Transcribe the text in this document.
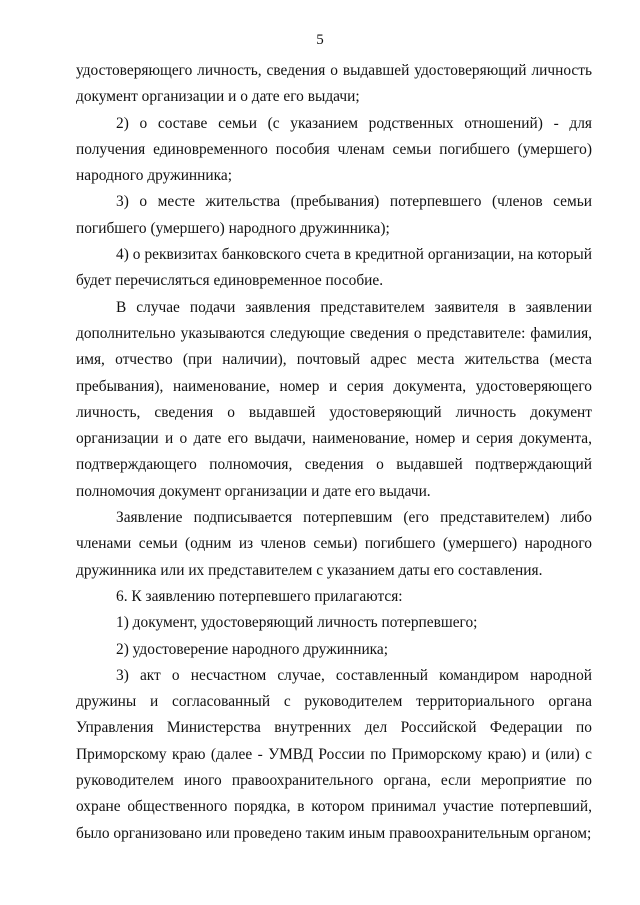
5

удостоверяющего личность, сведения о выдавшей удостоверяющий личность документ организации и о дате его выдачи;

2) о составе семьи (с указанием родственных отношений) - для получения единовременного пособия членам семьи погибшего (умершего) народного дружинника;

3) о месте жительства (пребывания) потерпевшего (членов семьи погибшего (умершего) народного дружинника);

4) о реквизитах банковского счета в кредитной организации, на который будет перечисляться единовременное пособие.

В случае подачи заявления представителем заявителя в заявлении дополнительно указываются следующие сведения о представителе: фамилия, имя, отчество (при наличии), почтовый адрес места жительства (места пребывания), наименование, номер и серия документа, удостоверяющего личность, сведения о выдавшей удостоверяющий личность документ организации и о дате его выдачи, наименование, номер и серия документа, подтверждающего полномочия, сведения о выдавшей подтверждающий полномочия документ организации и дате его выдачи.

Заявление подписывается потерпевшим (его представителем) либо членами семьи (одним из членов семьи) погибшего (умершего) народного дружинника или их представителем с указанием даты его составления.

6. К заявлению потерпевшего прилагаются:

1) документ, удостоверяющий личность потерпевшего;

2) удостоверение народного дружинника;

3) акт о несчастном случае, составленный командиром народной дружины и согласованный с руководителем территориального органа Управления Министерства внутренних дел Российской Федерации по Приморскому краю (далее - УМВД России по Приморскому краю) и (или) с руководителем иного правоохранительного органа, если мероприятие по охране общественного порядка, в котором принимал участие потерпевший, было организовано или проведено таким иным правоохранительным органом;
